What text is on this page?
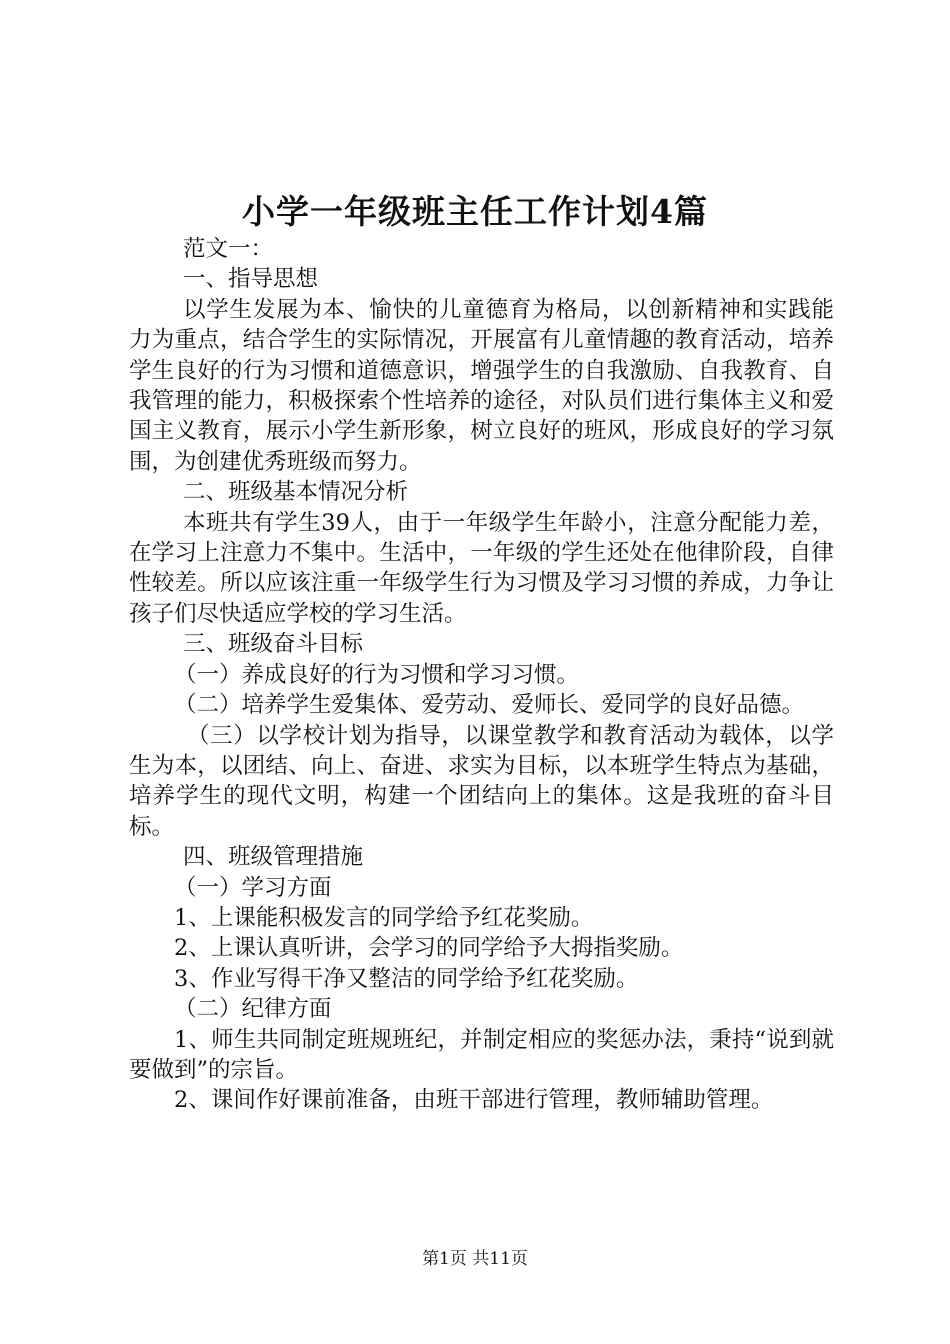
小学一年级班主任工作计划4篇

范文一：

一、指导思想

以学生发展为本、愉快的儿童德育为格局，以创新精神和实践能力为重点，结合学生的实际情况，开展富有儿童情趣的教育活动，培养学生良好的行为习惯和道德意识，增强学生的自我激励、自我教育、自我管理的能力，积极探索个性培养的途径，对队员们进行集体主义和爱国主义教育，展示小学生新形象，树立良好的班风，形成良好的学习氛围，为创建优秀班级而努力。

二、班级基本情况分析

本班共有学生39人，由于一年级学生年龄小，注意分配能力差，在学习上注意力不集中。生活中，一年级的学生还处在他律阶段，自律性较差。所以应该注重一年级学生行为习惯及学习习惯的养成，力争让孩子们尽快适应学校的学习生活。

三、班级奋斗目标

（一）养成良好的行为习惯和学习习惯。

（二）培养学生爱集体、爱劳动、爱师长、爱同学的良好品德。

（三）以学校计划为指导，以课堂教学和教育活动为载体，以学生为本，以团结、向上、奋进、求实为目标，以本班学生特点为基础，培养学生的现代文明，构建一个团结向上的集体。这是我班的奋斗目标。

四、班级管理措施

（一）学习方面

1、上课能积极发言的同学给予红花奖励。

2、上课认真听讲，会学习的同学给予大拇指奖励。

3、作业写得干净又整洁的同学给予红花奖励。

（二）纪律方面

1、师生共同制定班规班纪，并制定相应的奖惩办法，秉持“说到就要做到”的宗旨。

2、课间作好课前准备，由班干部进行管理，教师辅助管理。

第1页 共11页
